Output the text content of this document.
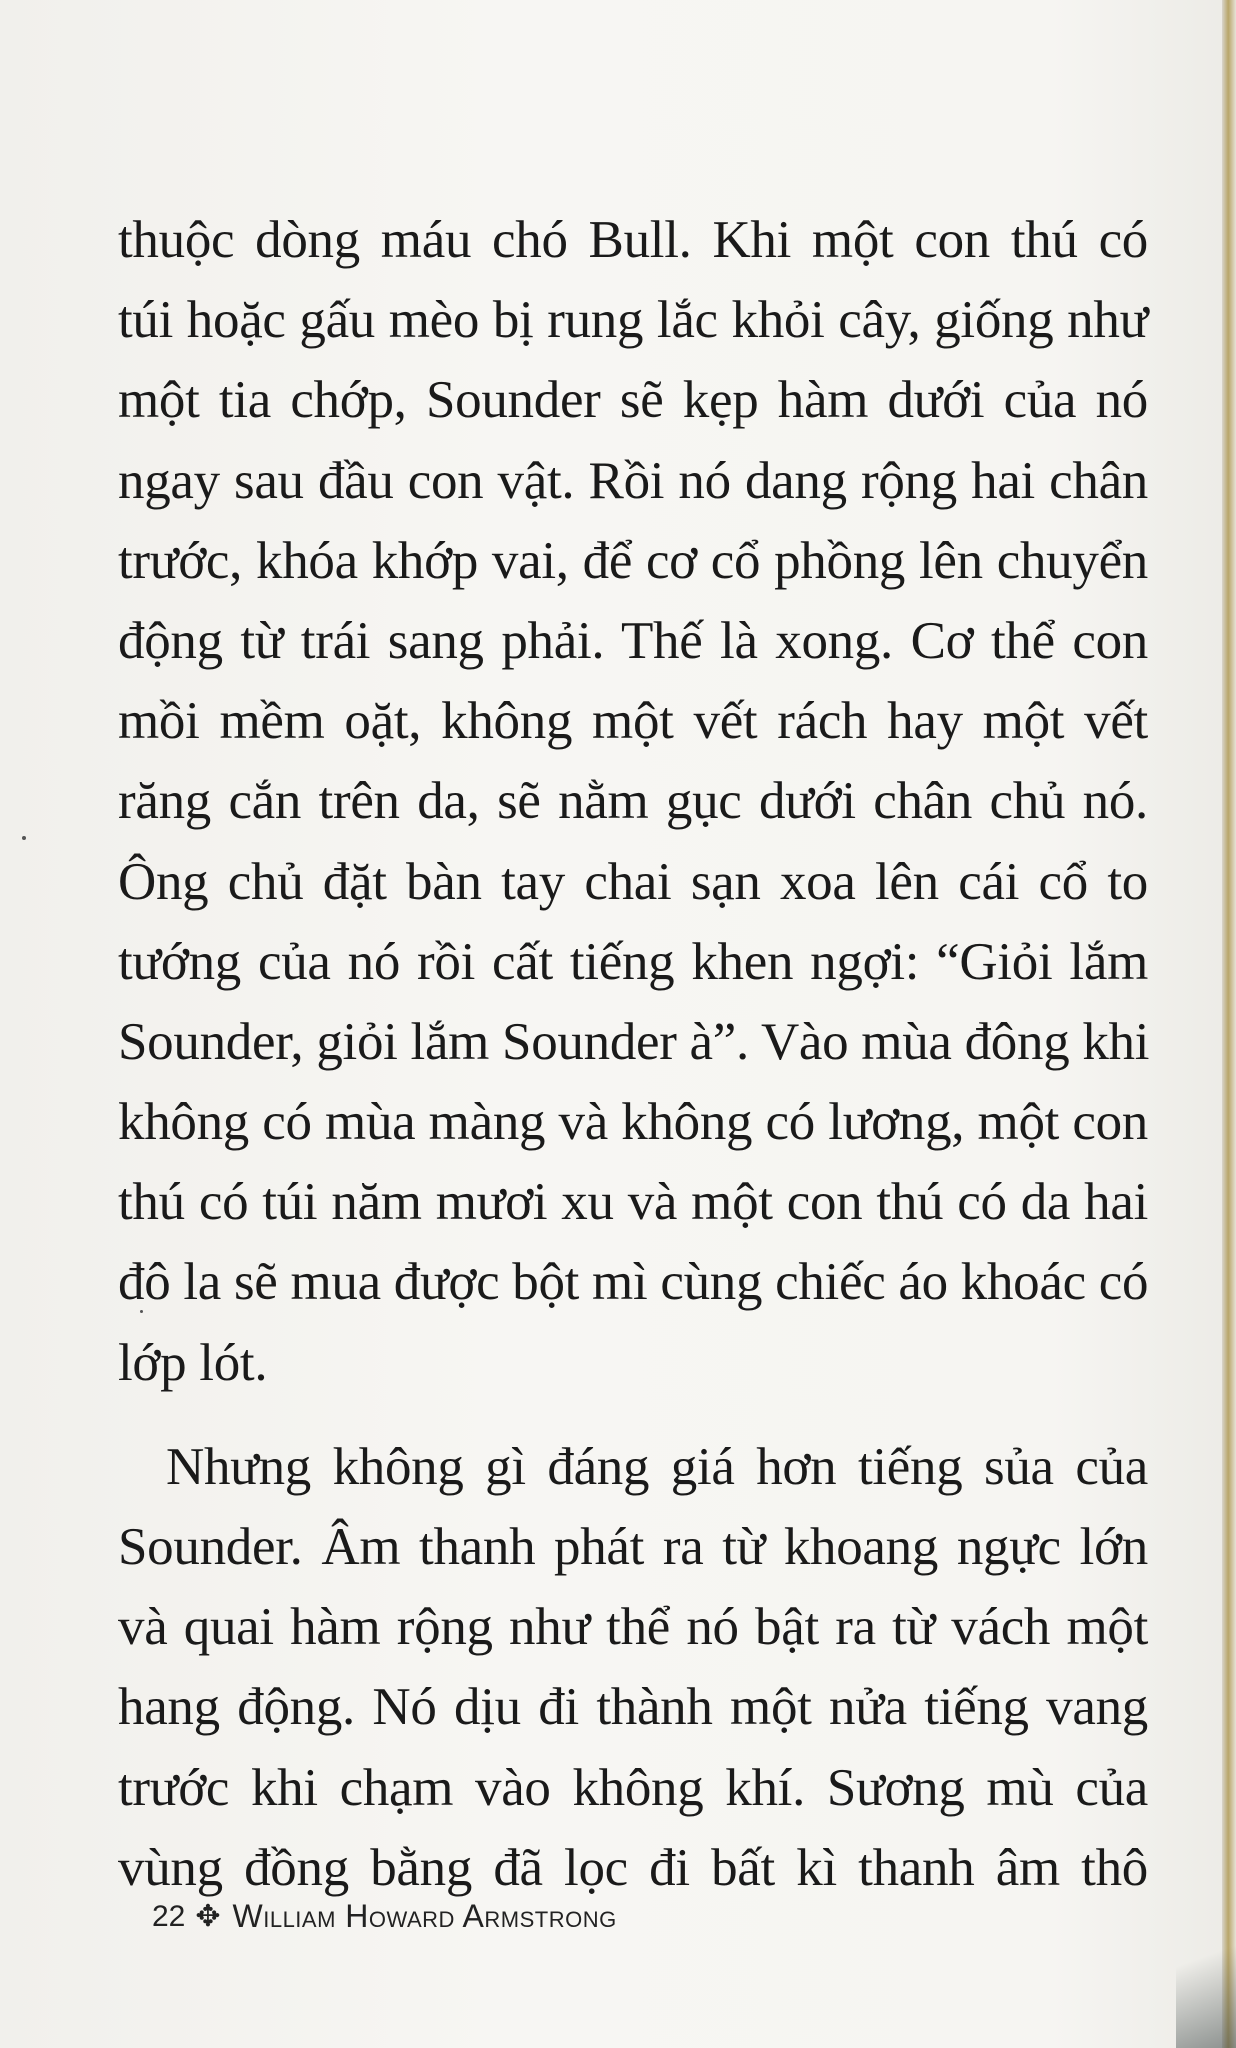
thuộc dòng máu chó Bull. Khi một con thú có
túi hoặc gấu mèo bị rung lắc khỏi cây, giống như
một tia chớp, Sounder sẽ kẹp hàm dưới của nó
ngay sau đầu con vật. Rồi nó dang rộng hai chân
trước, khóa khớp vai, để cơ cổ phồng lên chuyển
động từ trái sang phải. Thế là xong. Cơ thể con
mồi mềm oặt, không một vết rách hay một vết
răng cắn trên da, sẽ nằm gục dưới chân chủ nó.
Ông chủ đặt bàn tay chai sạn xoa lên cái cổ to
tướng của nó rồi cất tiếng khen ngợi: “Giỏi lắm
Sounder, giỏi lắm Sounder à”. Vào mùa đông khi
không có mùa màng và không có lương, một con
thú có túi năm mươi xu và một con thú có da hai
đô la sẽ mua được bột mì cùng chiếc áo khoác có
lớp lót.
Nhưng không gì đáng giá hơn tiếng sủa của
Sounder. Âm thanh phát ra từ khoang ngực lớn
và quai hàm rộng như thể nó bật ra từ vách một
hang động. Nó dịu đi thành một nửa tiếng vang
trước khi chạm vào không khí. Sương mù của
vùng đồng bằng đã lọc đi bất kì thanh âm thô
22 ✥ William Howard Armstrong
